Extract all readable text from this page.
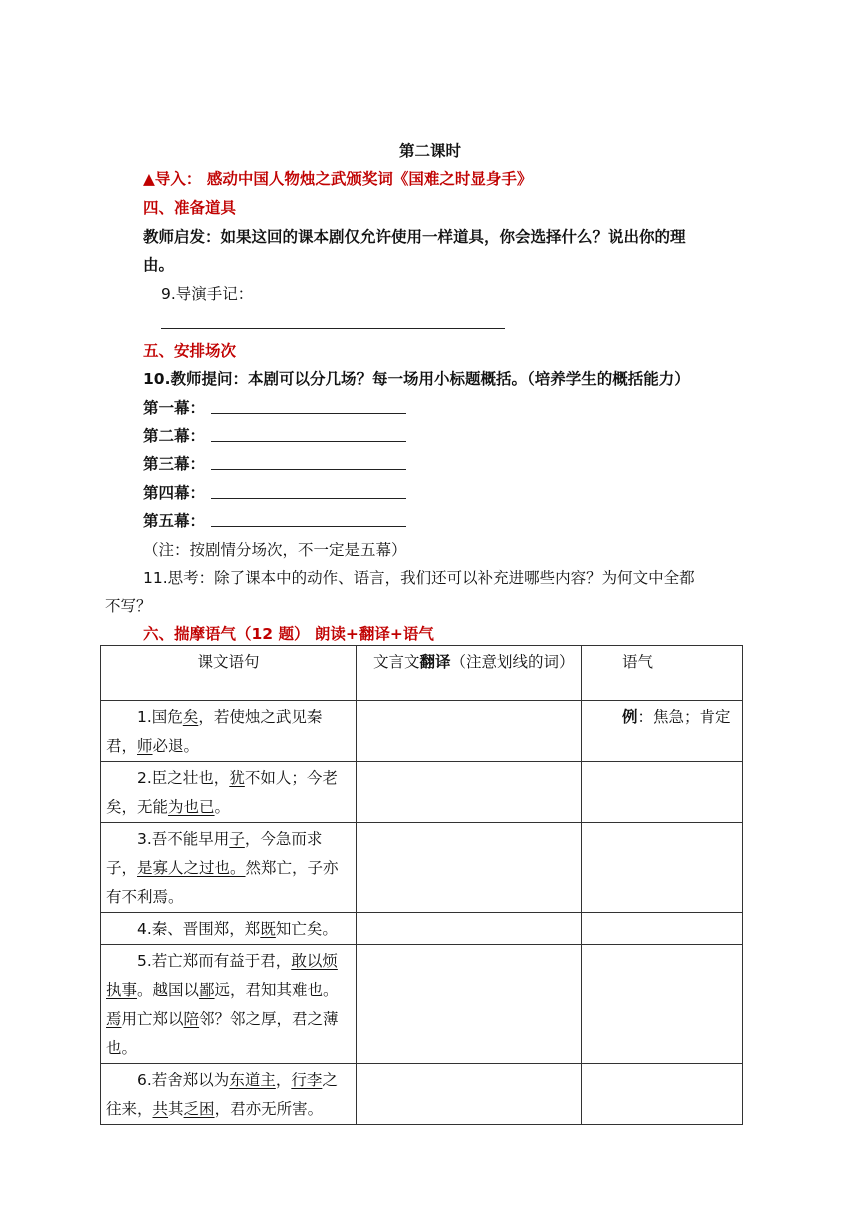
第二课时
▲导入： 感动中国人物烛之武颁奖词《国难之时显身手》
四、准备道具
教师启发：如果这回的课本剧仅允许使用一样道具，你会选择什么？说出你的理
由。
9.导演手记：
五、安排场次
10.教师提问：本剧可以分几场？每一场用小标题概括。（培养学生的概括能力）
第一幕：
第二幕：
第三幕：
第四幕：
第五幕：
（注：按剧情分场次，不一定是五幕）
11.思考：除了课本中的动作、语言，我们还可以补充进哪些内容？为何文中全都
不写？
六、揣摩语气（12 题） 朗读+翻译+语气
课文语句	文言文翻译（注意划线的词）	语气
1.国危矣，若使烛之武见秦君，师必退。		例：焦急；肯定
2.臣之壮也，犹不如人；今老矣，无能为也已。		
3.吾不能早用子，今急而求子，是寡人之过也。然郑亡，子亦有不利焉。		
4.秦、晋围郑，郑既知亡矣。		
5.若亡郑而有益于君，敢以烦执事。越国以鄙远，君知其难也。焉用亡郑以陪邻？邻之厚，君之薄也。		
6.若舍郑以为东道主，行李之往来，共其乏困，君亦无所害。		
